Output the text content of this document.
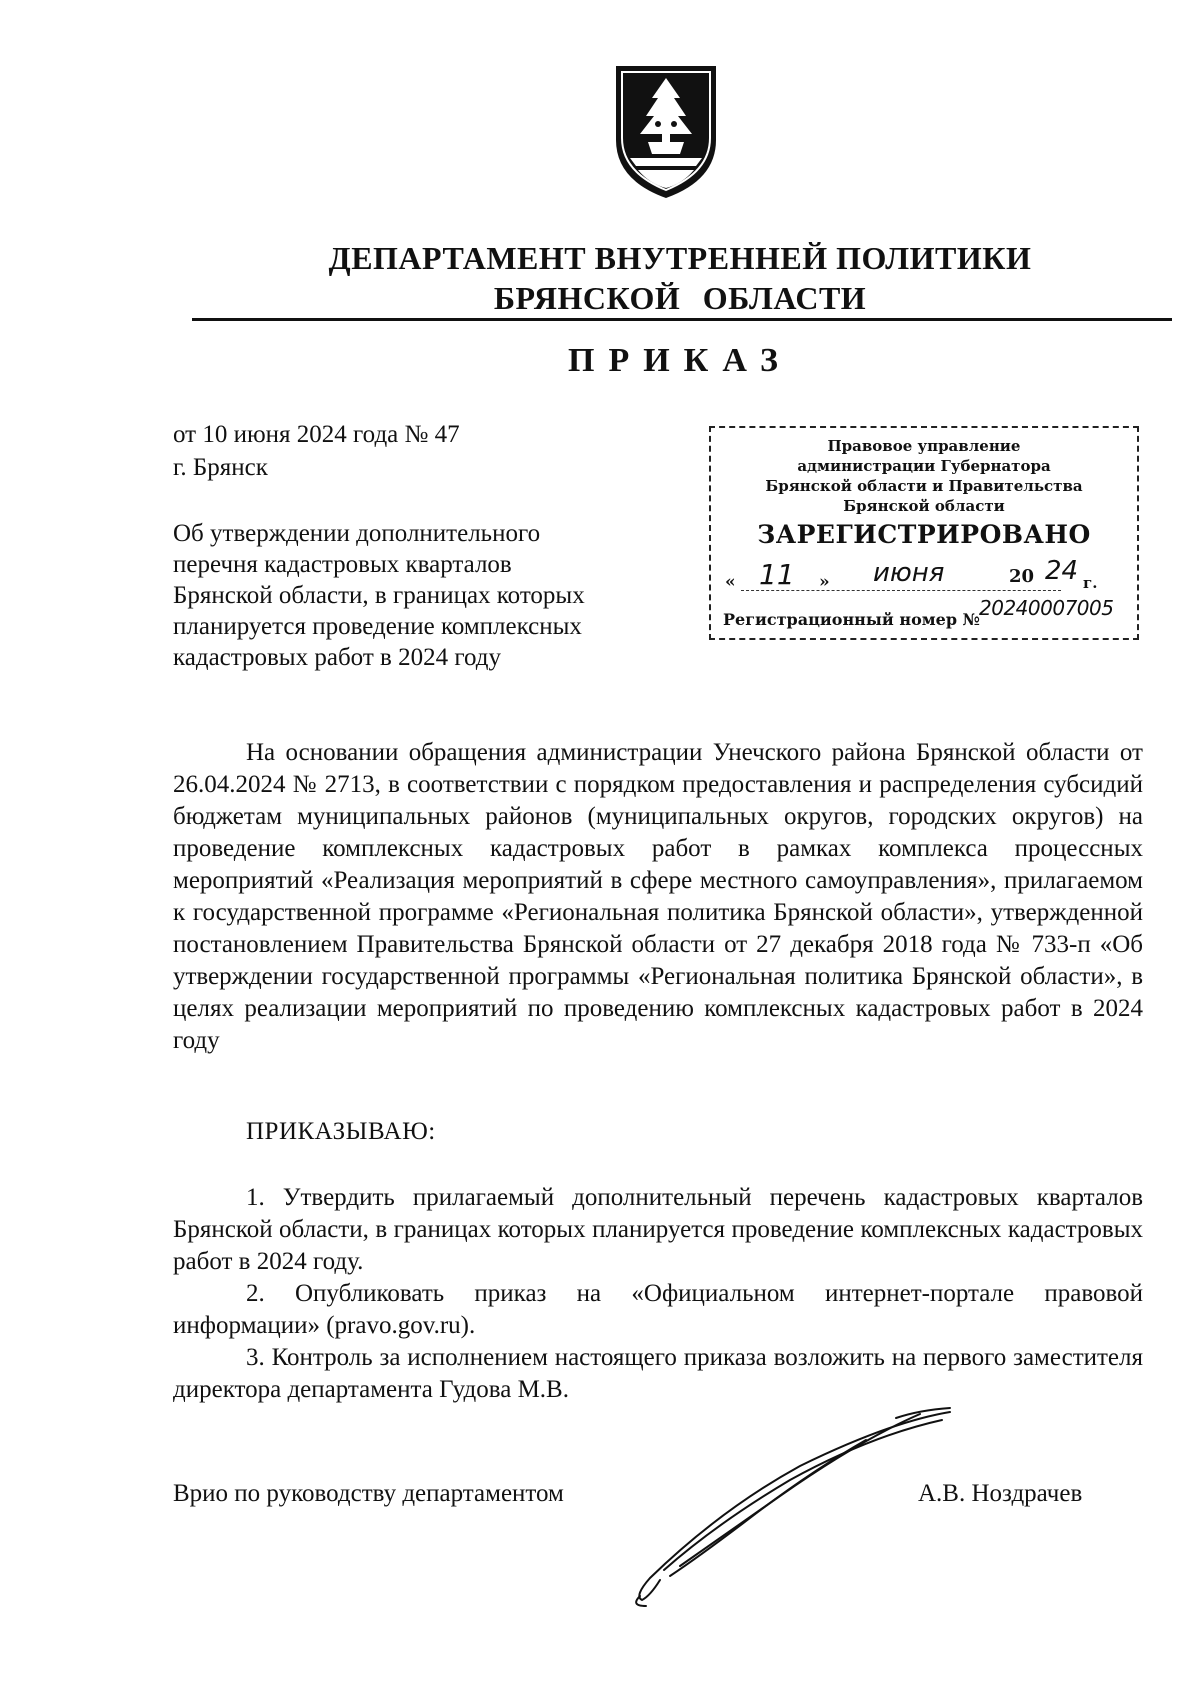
ДЕПАРТАМЕНТ ВНУТРЕННЕЙ ПОЛИТИКИ
БРЯНСКОЙ ОБЛАСТИ
ПРИКАЗ
от 10 июня 2024 года № 47
г. Брянск
Об утверждении дополнительного
перечня кадастровых кварталов
Брянской области, в границах которых
планируется проведение комплексных
кадастровых работ в 2024 году
Правовое управление
администрации Губернатора
Брянской области и Правительства
Брянской области
ЗАРЕГИСТРИРОВАНО
« 11 » июня	20 24 г.
Регистрационный номер № 20240007005

На основании обращения администрации Унечского района Брянской области от 26.04.2024 № 2713, в соответствии с порядком предоставления и распределения субсидий бюджетам муниципальных районов (муниципальных округов, городских округов) на проведение комплексных кадастровых работ в рамках комплекса процессных мероприятий «Реализация мероприятий в сфере местного самоуправления», прилагаемом к государственной программе «Региональная политика Брянской области», утвержденной постановлением Правительства Брянской области от 27 декабря 2018 года № 733-п «Об утверждении государственной программы «Региональная политика Брянской области», в целях реализации мероприятий по проведению комплексных кадастровых работ в 2024 году

ПРИКАЗЫВАЮ:

1. Утвердить прилагаемый дополнительный перечень кадастровых кварталов Брянской области, в границах которых планируется проведение комплексных кадастровых работ в 2024 году.

2. Опубликовать приказ на «Официальном интернет-портале правовой информации» (pravo.gov.ru).

3. Контроль за исполнением настоящего приказа возложить на первого заместителя директора департамента Гудова М.В.

Врио по руководству департаментом	А.В. Ноздрачев
